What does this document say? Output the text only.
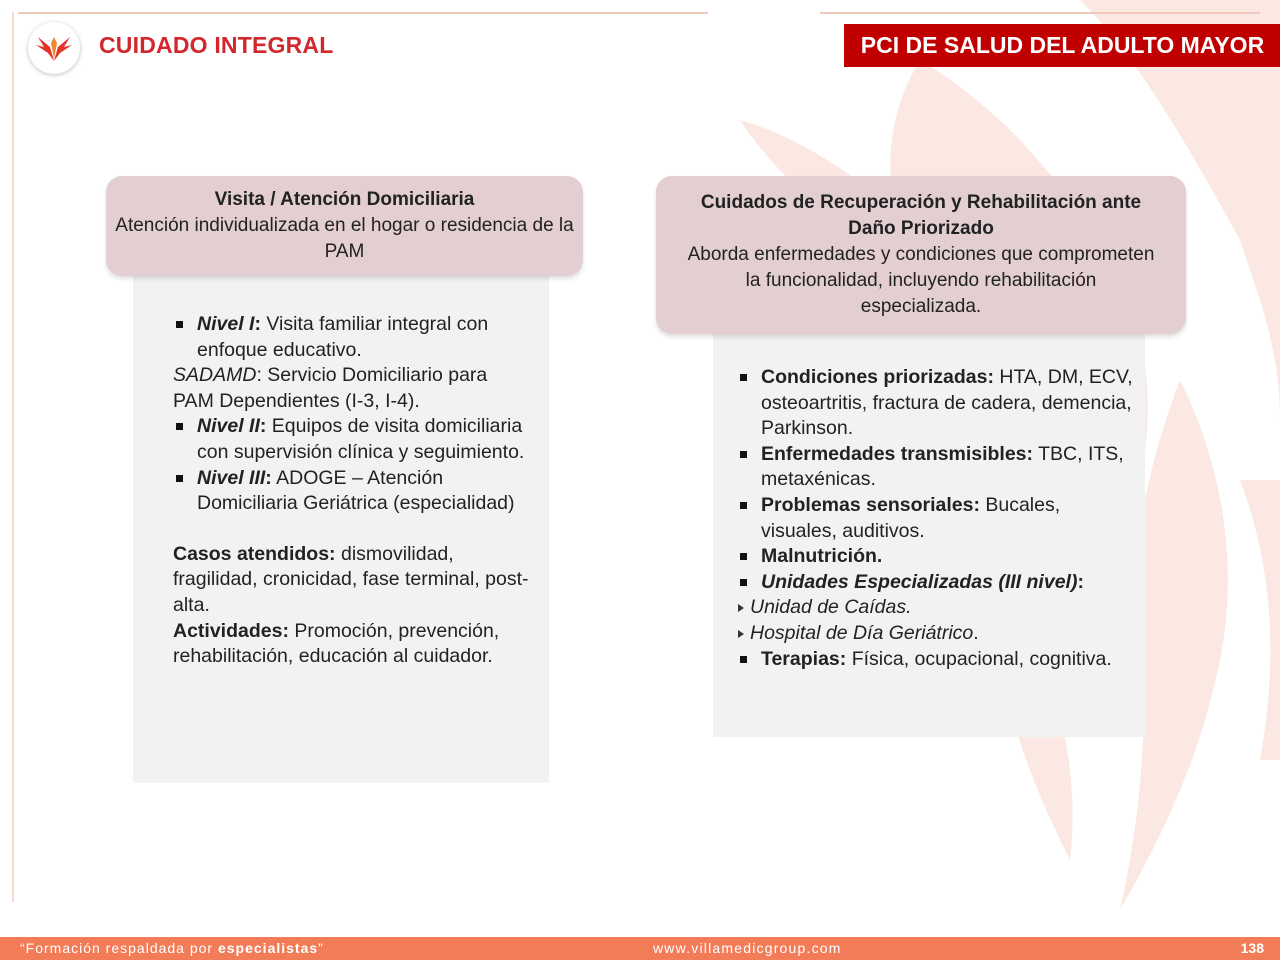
CUIDADO INTEGRAL	PCI DE SALUD DEL ADULTO MAYOR
Visita / Atención Domiciliaria
Atención individualizada en el hogar o residencia de la PAM
Nivel I: Visita familiar integral con enfoque educativo.
SADAMD: Servicio Domiciliario para PAM Dependientes (I-3, I-4).
Nivel II: Equipos de visita domiciliaria con supervisión clínica y seguimiento.
Nivel III: ADOGE – Atención Domiciliaria Geriátrica (especialidad)
Casos atendidos: dismovilidad, fragilidad, cronicidad, fase terminal, post-alta.
Actividades: Promoción, prevención, rehabilitación, educación al cuidador.
Cuidados de Recuperación y Rehabilitación ante Daño Priorizado
Aborda enfermedades y condiciones que comprometen la funcionalidad, incluyendo rehabilitación especializada.
Condiciones priorizadas: HTA, DM, ECV, osteoartritis, fractura de cadera, demencia, Parkinson.
Enfermedades transmisibles: TBC, ITS, metaxénicas.
Problemas sensoriales: Bucales, visuales, auditivos.
Malnutrición.
Unidades Especializadas (III nivel):
Unidad de Caídas.
Hospital de Día Geriátrico.
Terapias: Física, ocupacional, cognitiva.
“Formación respaldada por especialistas”	www.villamedicgroup.com	138
